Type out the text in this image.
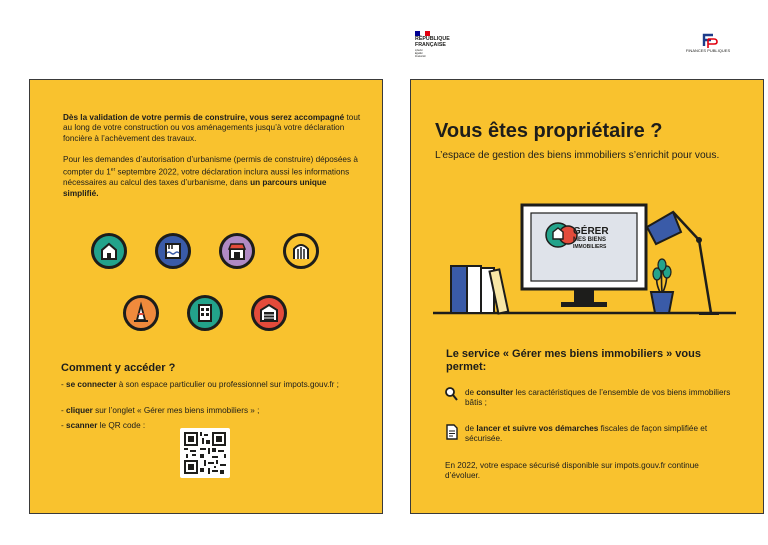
RÉPUBLIQUE
FRANÇAISE
Liberté
Égalité
Fraternité
FINANCES PUBLIQUES

Dès la validation de votre permis de construire, vous serez accompagné tout au long de votre construction ou vos aménagements jusqu’à votre déclaration foncière à l’achèvement des travaux.

Pour les demandes d’autorisation d’urbanisme (permis de construire) déposées à compter du 1er septembre 2022, votre déclaration inclura aussi les informations nécessaires au calcul des taxes d’urbanisme, dans un parcours unique simplifié.

Comment y accéder ?

- se connecter à son espace particulier ou professionnel sur impots.gouv.fr ;

- cliquer sur l’onglet « Gérer mes biens immobiliers » ;

- scanner le QR code :

Vous êtes propriétaire ?

L’espace de gestion des biens immobiliers s’enrichit pour vous.

GÉRER
MES BIENS
IMMOBILIERS

Le service « Gérer mes biens immobiliers » vous permet:

de consulter les caractéristiques de l’ensemble de vos biens immobiliers bâtis ;

de lancer et suivre vos démarches fiscales de façon simplifiée et sécurisée.

En 2022, votre espace sécurisé disponible sur impots.gouv.fr continue d’évoluer.
